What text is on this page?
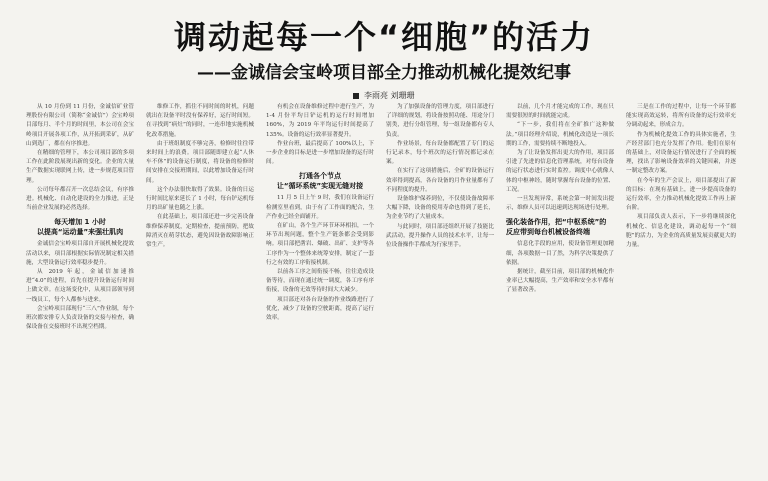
调动起每一个“细胞”的活力
——金诚信会宝岭项目部全力推动机械化提效纪事
李雨亮 刘珊珊

从 10 月份到 11 月份，金诚信矿业管理股份有限公司（简称“金诚信”）会宝岭项目部每月、半个月的时间里，本公司在会宝岭项目开展各项工作，从开拓到采矿，从矿山到选厂，都在有序推进。

在精细的管理下，本公司项目部的多项工作在此阶段展现出新的变化。企业的大量生产数据实现联网上传，进一步规范项目管理。

公司每年都召开一次总结会议，有序推进。机械化、自动化建设的全力推进，正是当前企业发展的必然选择。

每天增加 1 小时
以提高“运动量”来强壮肌肉

金诚信会宝岭项目部自开展机械化提效活动以来，项目部根据实际情况制定相关措施，大型设备运行效率稳步提升。

从 2019 年起，金诚信加速推进“4.0”的进程，首先在提升设备运行时间上做文章。在这场变化中，从项目部领导到一线员工，每个人都参与进来。

会宝岭项目部现行“三八”作业制，每个班次都安排专人负责设备的交接与检查，确保设备在交接班时不出现空档期。

维修工作，抓住不同时间的时机，问题就出在设备平时没有保养好，运行时间短。在寻找到“病灶”的同时，一连串地实施机械化改革措施。

由于班组制度不够完善，检修时往往带来时间上的浪费。项目部随即建立起“人休车不休”的设备运行制度，将设备的检修时间安排在交接班期间，以此增加设备运行时间。

这个办法很快取得了效果。设备的日运行时间比原来延长了 1 小时，每台铲运机每月的出矿量也随之上涨。

在此基础上，项目部还进一步完善设备维修保养制度，定期检查，提前预防，把故障消灭在萌芽状态，避免因设备故障影响正常生产。

有机会在设备维修过程中进行生产，为 1-4 月份平均日铲运机的运行时间增加 160%，为 2019 年平均运行时间提高了 135%。设备的运行效率显著提升。

作业台班，最后提高了 100%以上，下一步企业的目标是进一步增加设备的运行时间。

打通各个节点
让“循环系统”实现无缝对接

11 月 5 日上午 9 时，我们在设备运行检测室里看到，由于有了工作面的配合，生产作业已经全面铺开。

在矿山，各个生产环节环环相扣，一个环节出现问题，整个生产链条都会受到影响。项目部把凿岩、爆破、出矿、支护等各工序作为一个整体来统筹安排，制定了一套行之有效的工序衔接机制。

以前各工序之间衔接不畅，往往造成设备等待，而现在通过统一调度，各工序有序衔接，设备的无效等待时间大大减少。

项目部还对各台设备的作业线路进行了优化，减少了设备的空驶距离，提高了运行效率。

为了加强设备的管理力度，项目部进行了详细的规划，将设备按照功能、用途分门别类，进行分组管理，每一组设备都有专人负责。

作业场景，每台设备都配置了专门的运行记录本，每个班次的运行情况都记录在案。

在实行了这项措施后，全矿的设备运行效率得到提高，各台设备的月作业量都有了不同程度的提升。

设备维护保养到位，不仅使设备故障率大幅下降，设备的使用寿命也得到了延长，为企业节约了大量成本。

与此同时，项目部还组织开展了技能比武活动，提升操作人员的技术水平，让每一位设备操作手都成为行家里手。

以前，几个月才能完成的工作，现在只需要很短的时间就能完成。

“下一步，我们将在全矿推广这种做法。”项目经理介绍说，机械化改造是一项长期的工作，需要持续不断地投入。

为了让设备发挥出更大的作用，项目部引进了先进的信息化管理系统，对每台设备的运行状态进行实时监控。调度中心就像人体的中枢神经，随时掌握每台设备的位置、工况。

一旦发现异常，系统会第一时间发出提示，维修人员可以迅速到达现场进行处理。

强化装备作用，把“中枢系统”的
反应带到每台机械设备终端

信息化手段的应用，使设备管理更加精细，各项数据一目了然，为科学决策提供了依据。

据统计，截至目前，项目部的机械化作业率已大幅提高，生产效率和安全水平都有了显著改善。

三是在工作的过程中，让每一个环节都能实现高效运转，将所有设备的运行效率充分调动起来，形成合力。

作为机械化提效工作的具体实施者，生产经营部门也充分发挥了作用。他们在原有的基础上，对设备运行情况进行了全面的梳理，找出了影响设备效率的关键因素，并逐一制定整改方案。

在今年的生产会议上，项目部提出了新的目标：在现有基础上，进一步提高设备的运行效率，全力推动机械化提效工作再上新台阶。

项目部负责人表示，下一步将继续深化机械化、信息化建设，调动起每一个“细胞”的活力，为企业的高质量发展贡献更大的力量。
